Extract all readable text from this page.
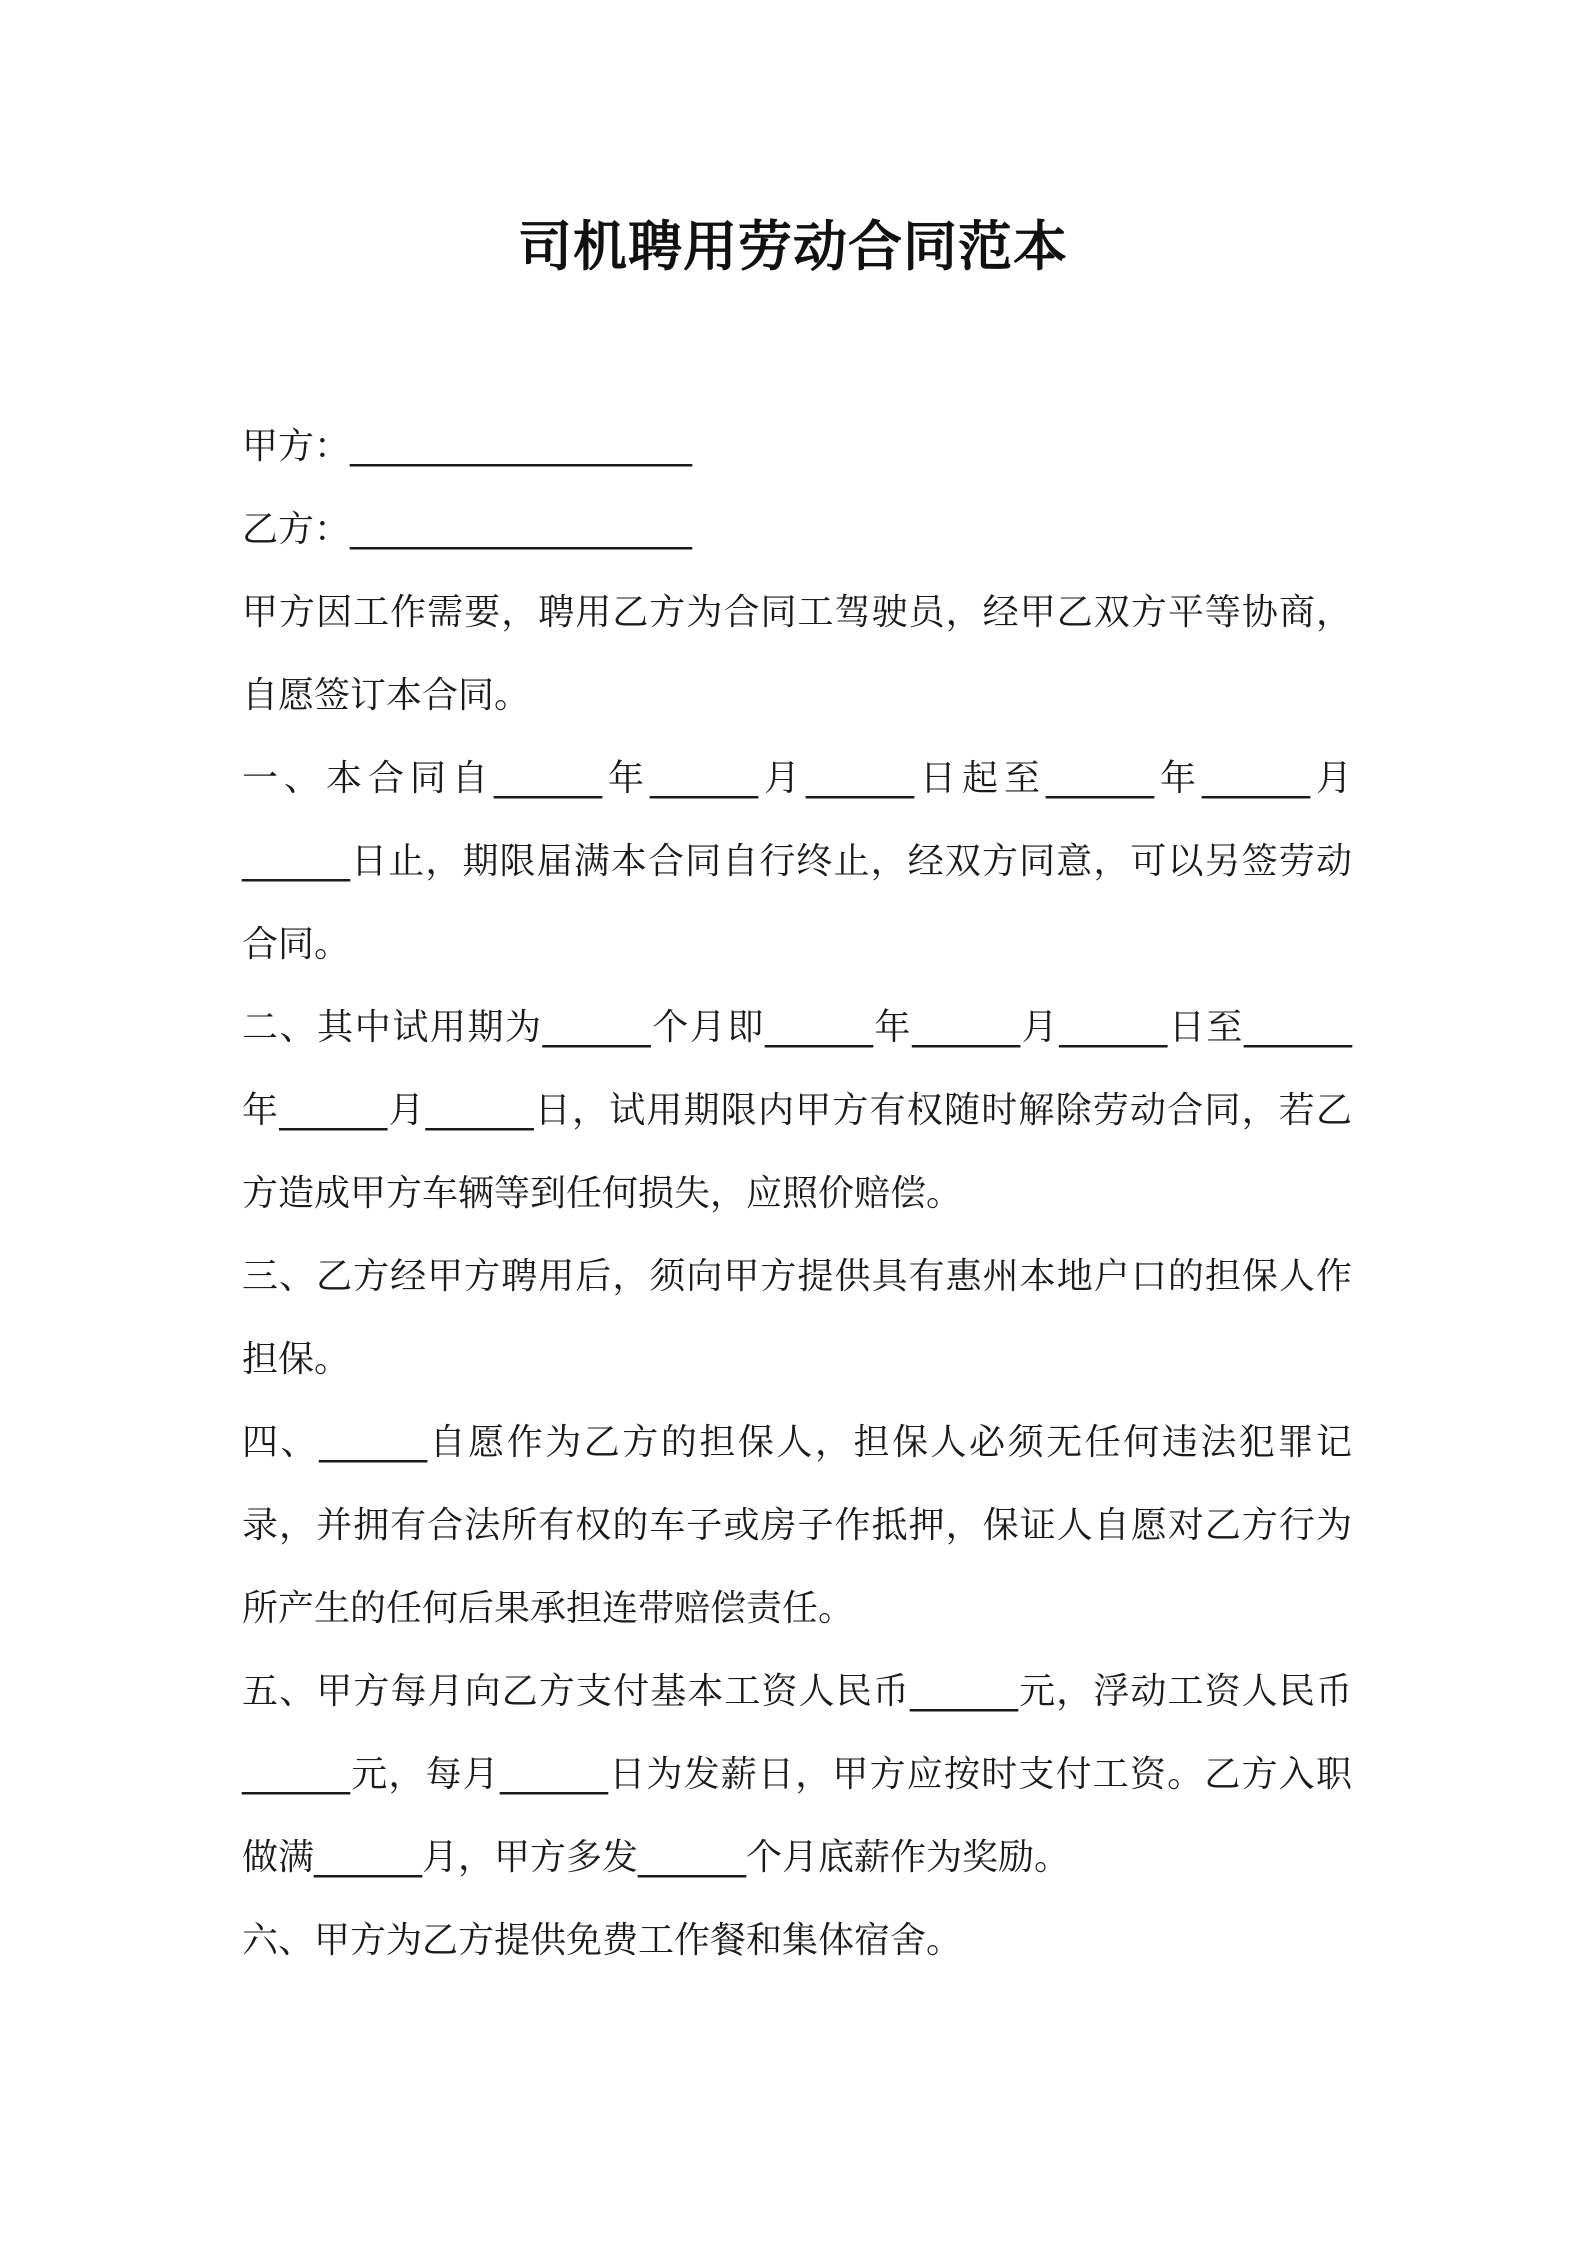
司机聘用劳动合同范本

甲方：___________________

乙方：___________________

甲方因工作需要，聘用乙方为合同工驾驶员，经甲乙双方平等协商，自愿签订本合同。

一、本合同自______年______月______日起至______年______月______日止，期限届满本合同自行终止，经双方同意，可以另签劳动合同。

二、其中试用期为______个月即______年______月______日至______年______月______日，试用期限内甲方有权随时解除劳动合同，若乙方造成甲方车辆等到任何损失，应照价赔偿。

三、乙方经甲方聘用后，须向甲方提供具有惠州本地户口的担保人作担保。

四、______自愿作为乙方的担保人，担保人必须无任何违法犯罪记录，并拥有合法所有权的车子或房子作抵押，保证人自愿对乙方行为所产生的任何后果承担连带赔偿责任。

五、甲方每月向乙方支付基本工资人民币______元，浮动工资人民币______元，每月______日为发薪日，甲方应按时支付工资。乙方入职做满______月，甲方多发______个月底薪作为奖励。

六、甲方为乙方提供免费工作餐和集体宿舍。
